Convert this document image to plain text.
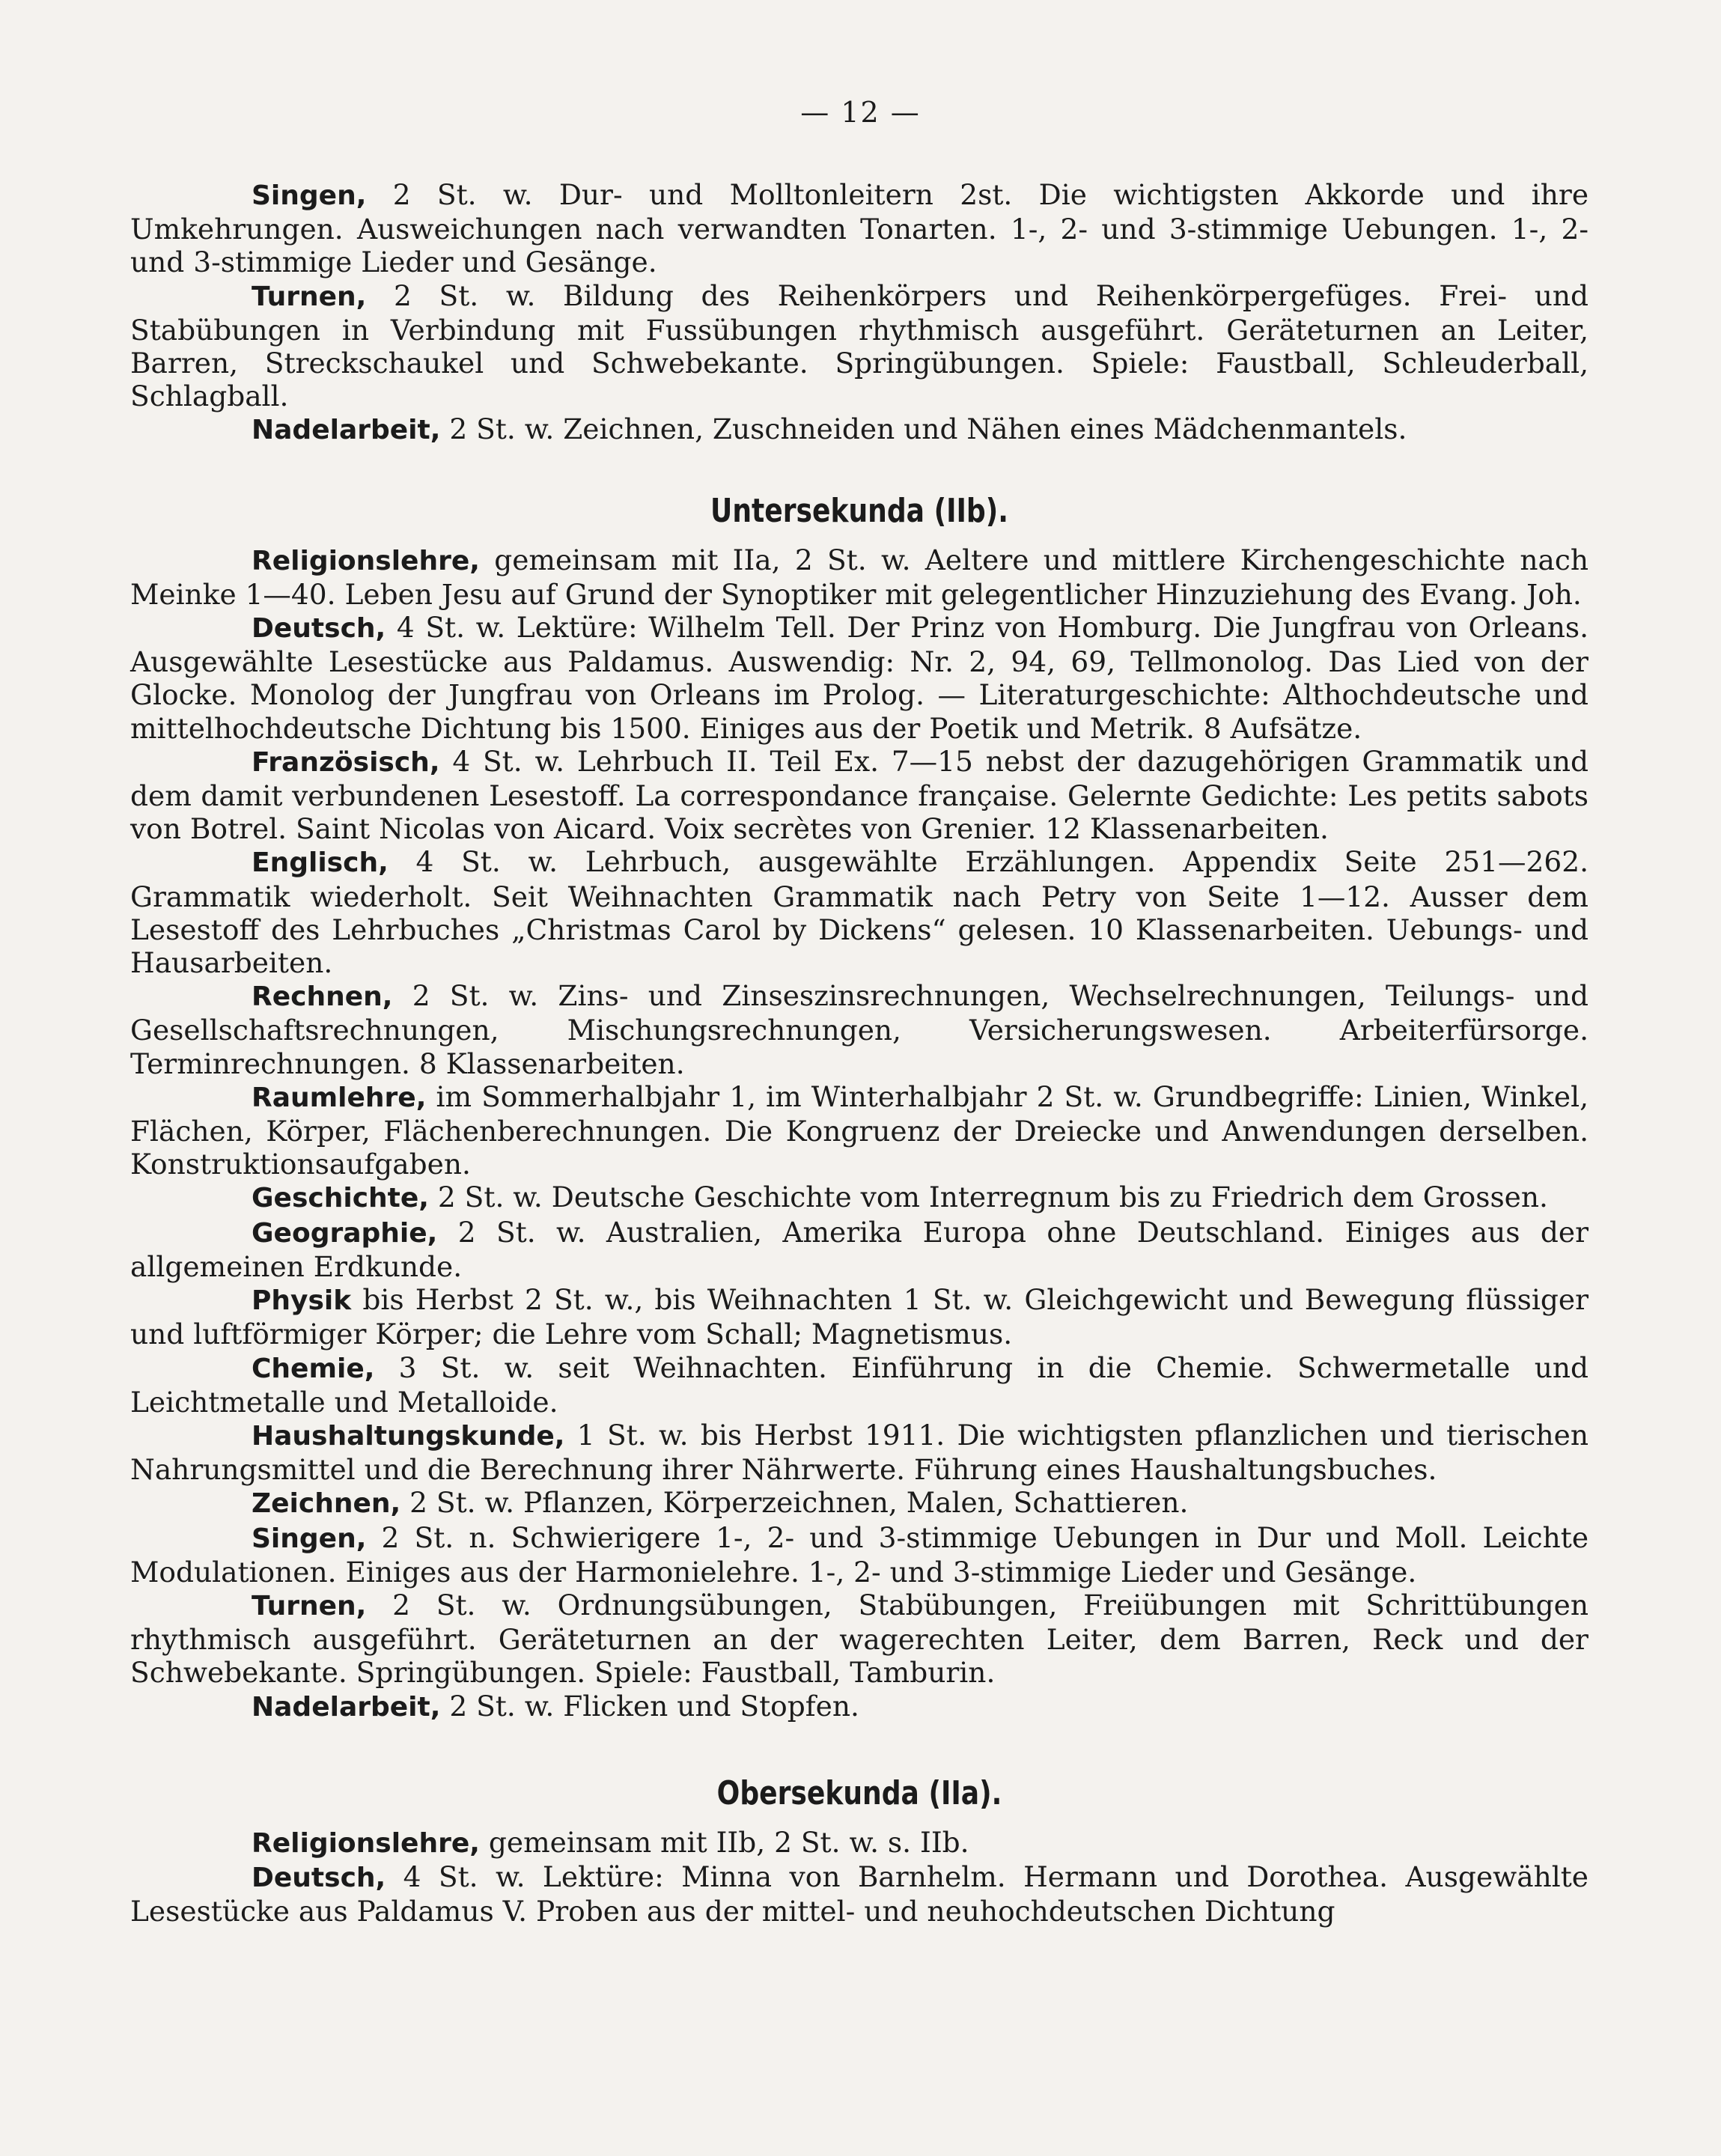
— 12 —

Singen, 2 St. w. Dur- und Molltonleitern 2st. Die wichtigsten Akkorde und ihre Umkehrungen. Ausweichungen nach verwandten Tonarten. 1-, 2- und 3-stimmige Uebungen. 1-, 2- und 3-stimmige Lieder und Gesänge.

Turnen, 2 St. w. Bildung des Reihenkörpers und Reihenkörpergefüges. Frei- und Stabübungen in Verbindung mit Fussübungen rhythmisch ausgeführt. Geräteturnen an Leiter, Barren, Streckschaukel und Schwebekante. Springübungen. Spiele: Faustball, Schleuderball, Schlagball.

Nadelarbeit, 2 St. w. Zeichnen, Zuschneiden und Nähen eines Mädchenmantels.

Untersekunda (IIb).

Religionslehre, gemeinsam mit IIa, 2 St. w. Aeltere und mittlere Kirchengeschichte nach Meinke 1—40. Leben Jesu auf Grund der Synoptiker mit gelegentlicher Hinzuziehung des Evang. Joh.

Deutsch, 4 St. w. Lektüre: Wilhelm Tell. Der Prinz von Homburg. Die Jungfrau von Orleans. Ausgewählte Lesestücke aus Paldamus. Auswendig: Nr. 2, 94, 69, Tellmonolog. Das Lied von der Glocke. Monolog der Jungfrau von Orleans im Prolog. — Literaturgeschichte: Althochdeutsche und mittelhochdeutsche Dichtung bis 1500. Einiges aus der Poetik und Metrik. 8 Aufsätze.

Französisch, 4 St. w. Lehrbuch II. Teil Ex. 7—15 nebst der dazugehörigen Grammatik und dem damit verbundenen Lesestoff. La correspondance française. Gelernte Gedichte: Les petits sabots von Botrel. Saint Nicolas von Aicard. Voix secrètes von Grenier. 12 Klassenarbeiten.

Englisch, 4 St. w. Lehrbuch, ausgewählte Erzählungen. Appendix Seite 251—262. Grammatik wiederholt. Seit Weihnachten Grammatik nach Petry von Seite 1—12. Ausser dem Lesestoff des Lehrbuches „Christmas Carol by Dickens“ gelesen. 10 Klassenarbeiten. Uebungs- und Hausarbeiten.

Rechnen, 2 St. w. Zins- und Zinseszinsrechnungen, Wechselrechnungen, Teilungs- und Gesellschaftsrechnungen, Mischungsrechnungen, Versicherungswesen. Arbeiterfürsorge. Terminrechnungen. 8 Klassenarbeiten.

Raumlehre, im Sommerhalbjahr 1, im Winterhalbjahr 2 St. w. Grundbegriffe: Linien, Winkel, Flächen, Körper, Flächenberechnungen. Die Kongruenz der Dreiecke und Anwendungen derselben. Konstruktionsaufgaben.

Geschichte, 2 St. w. Deutsche Geschichte vom Interregnum bis zu Friedrich dem Grossen.

Geographie, 2 St. w. Australien, Amerika Europa ohne Deutschland. Einiges aus der allgemeinen Erdkunde.

Physik bis Herbst 2 St. w., bis Weihnachten 1 St. w. Gleichgewicht und Bewegung flüssiger und luftförmiger Körper; die Lehre vom Schall; Magnetismus.

Chemie, 3 St. w. seit Weihnachten. Einführung in die Chemie. Schwermetalle und Leichtmetalle und Metalloide.

Haushaltungskunde, 1 St. w. bis Herbst 1911. Die wichtigsten pflanzlichen und tierischen Nahrungsmittel und die Berechnung ihrer Nährwerte. Führung eines Haushaltungsbuches.

Zeichnen, 2 St. w. Pflanzen, Körperzeichnen, Malen, Schattieren.

Singen, 2 St. n. Schwierigere 1-, 2- und 3-stimmige Uebungen in Dur und Moll. Leichte Modulationen. Einiges aus der Harmonielehre. 1-, 2- und 3-stimmige Lieder und Gesänge.

Turnen, 2 St. w. Ordnungsübungen, Stabübungen, Freiübungen mit Schrittübungen rhythmisch ausgeführt. Geräteturnen an der wagerechten Leiter, dem Barren, Reck und der Schwebekante. Springübungen. Spiele: Faustball, Tamburin.

Nadelarbeit, 2 St. w. Flicken und Stopfen.

Obersekunda (IIa).

Religionslehre, gemeinsam mit IIb, 2 St. w. s. IIb.

Deutsch, 4 St. w. Lektüre: Minna von Barnhelm. Hermann und Dorothea. Ausgewählte Lesestücke aus Paldamus V. Proben aus der mittel- und neuhochdeutschen Dichtung
